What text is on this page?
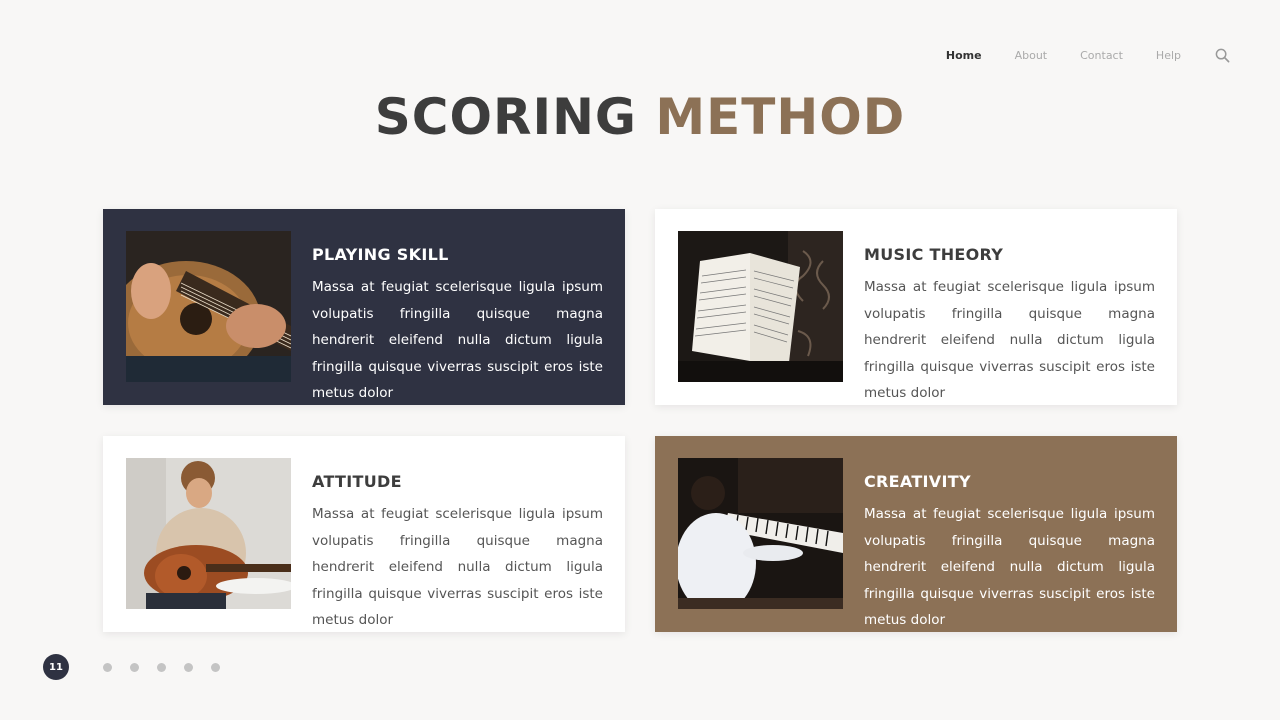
Home	About	Contact	Help
SCORING METHOD
PLAYING SKILL

Massa at feugiat scelerisque ligula ipsum volupatis fringilla quisque magna hendrerit eleifend nulla dictum ligula fringilla quisque viverras suscipit eros iste metus dolor

MUSIC THEORY

Massa at feugiat scelerisque ligula ipsum volupatis fringilla quisque magna hendrerit eleifend nulla dictum ligula fringilla quisque viverras suscipit eros iste metus dolor

ATTITUDE

Massa at feugiat scelerisque ligula ipsum volupatis fringilla quisque magna hendrerit eleifend nulla dictum ligula fringilla quisque viverras suscipit eros iste metus dolor

CREATIVITY

Massa at feugiat scelerisque ligula ipsum volupatis fringilla quisque magna hendrerit eleifend nulla dictum ligula fringilla quisque viverras suscipit eros iste metus dolor

11
